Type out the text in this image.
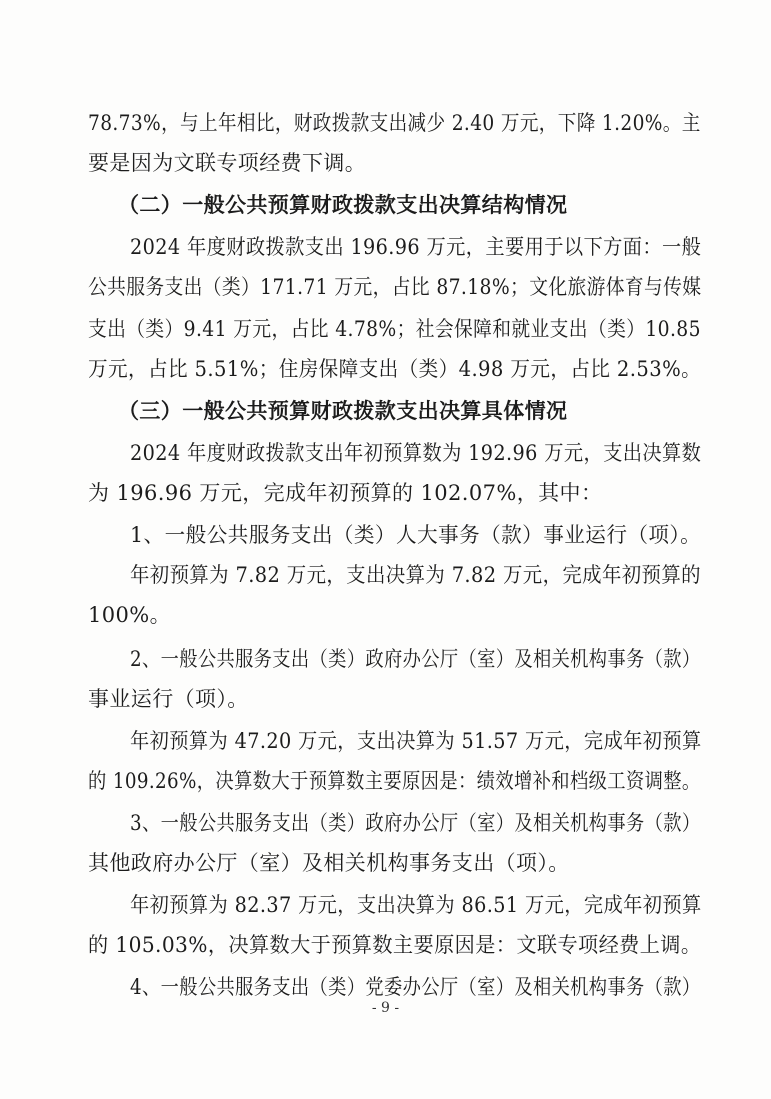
78.73%，与上年相比，财政拨款支出减少 2.40 万元，下降 1.20%。主
要是因为文联专项经费下调。
（二）一般公共预算财政拨款支出决算结构情况
2024 年度财政拨款支出 196.96 万元，主要用于以下方面：一般
公共服务支出（类）171.71 万元，占比 87.18%；文化旅游体育与传媒
支出（类）9.41 万元，占比 4.78%；社会保障和就业支出（类）10.85
万元，占比 5.51%；住房保障支出（类）4.98 万元，占比 2.53%。
（三）一般公共预算财政拨款支出决算具体情况
2024 年度财政拨款支出年初预算数为 192.96 万元，支出决算数
为 196.96 万元，完成年初预算的 102.07%，其中：
1、一般公共服务支出（类）人大事务（款）事业运行（项）。
年初预算为 7.82 万元，支出决算为 7.82 万元，完成年初预算的
100%。
2、一般公共服务支出（类）政府办公厅（室）及相关机构事务（款）
事业运行（项）。
年初预算为 47.20 万元，支出决算为 51.57 万元，完成年初预算
的 109.26%，决算数大于预算数主要原因是：绩效增补和档级工资调整。
3、一般公共服务支出（类）政府办公厅（室）及相关机构事务（款）
其他政府办公厅（室）及相关机构事务支出（项）。
年初预算为 82.37 万元，支出决算为 86.51 万元，完成年初预算
的 105.03%，决算数大于预算数主要原因是：文联专项经费上调。
4、一般公共服务支出（类）党委办公厅（室）及相关机构事务（款）
- 9 -
